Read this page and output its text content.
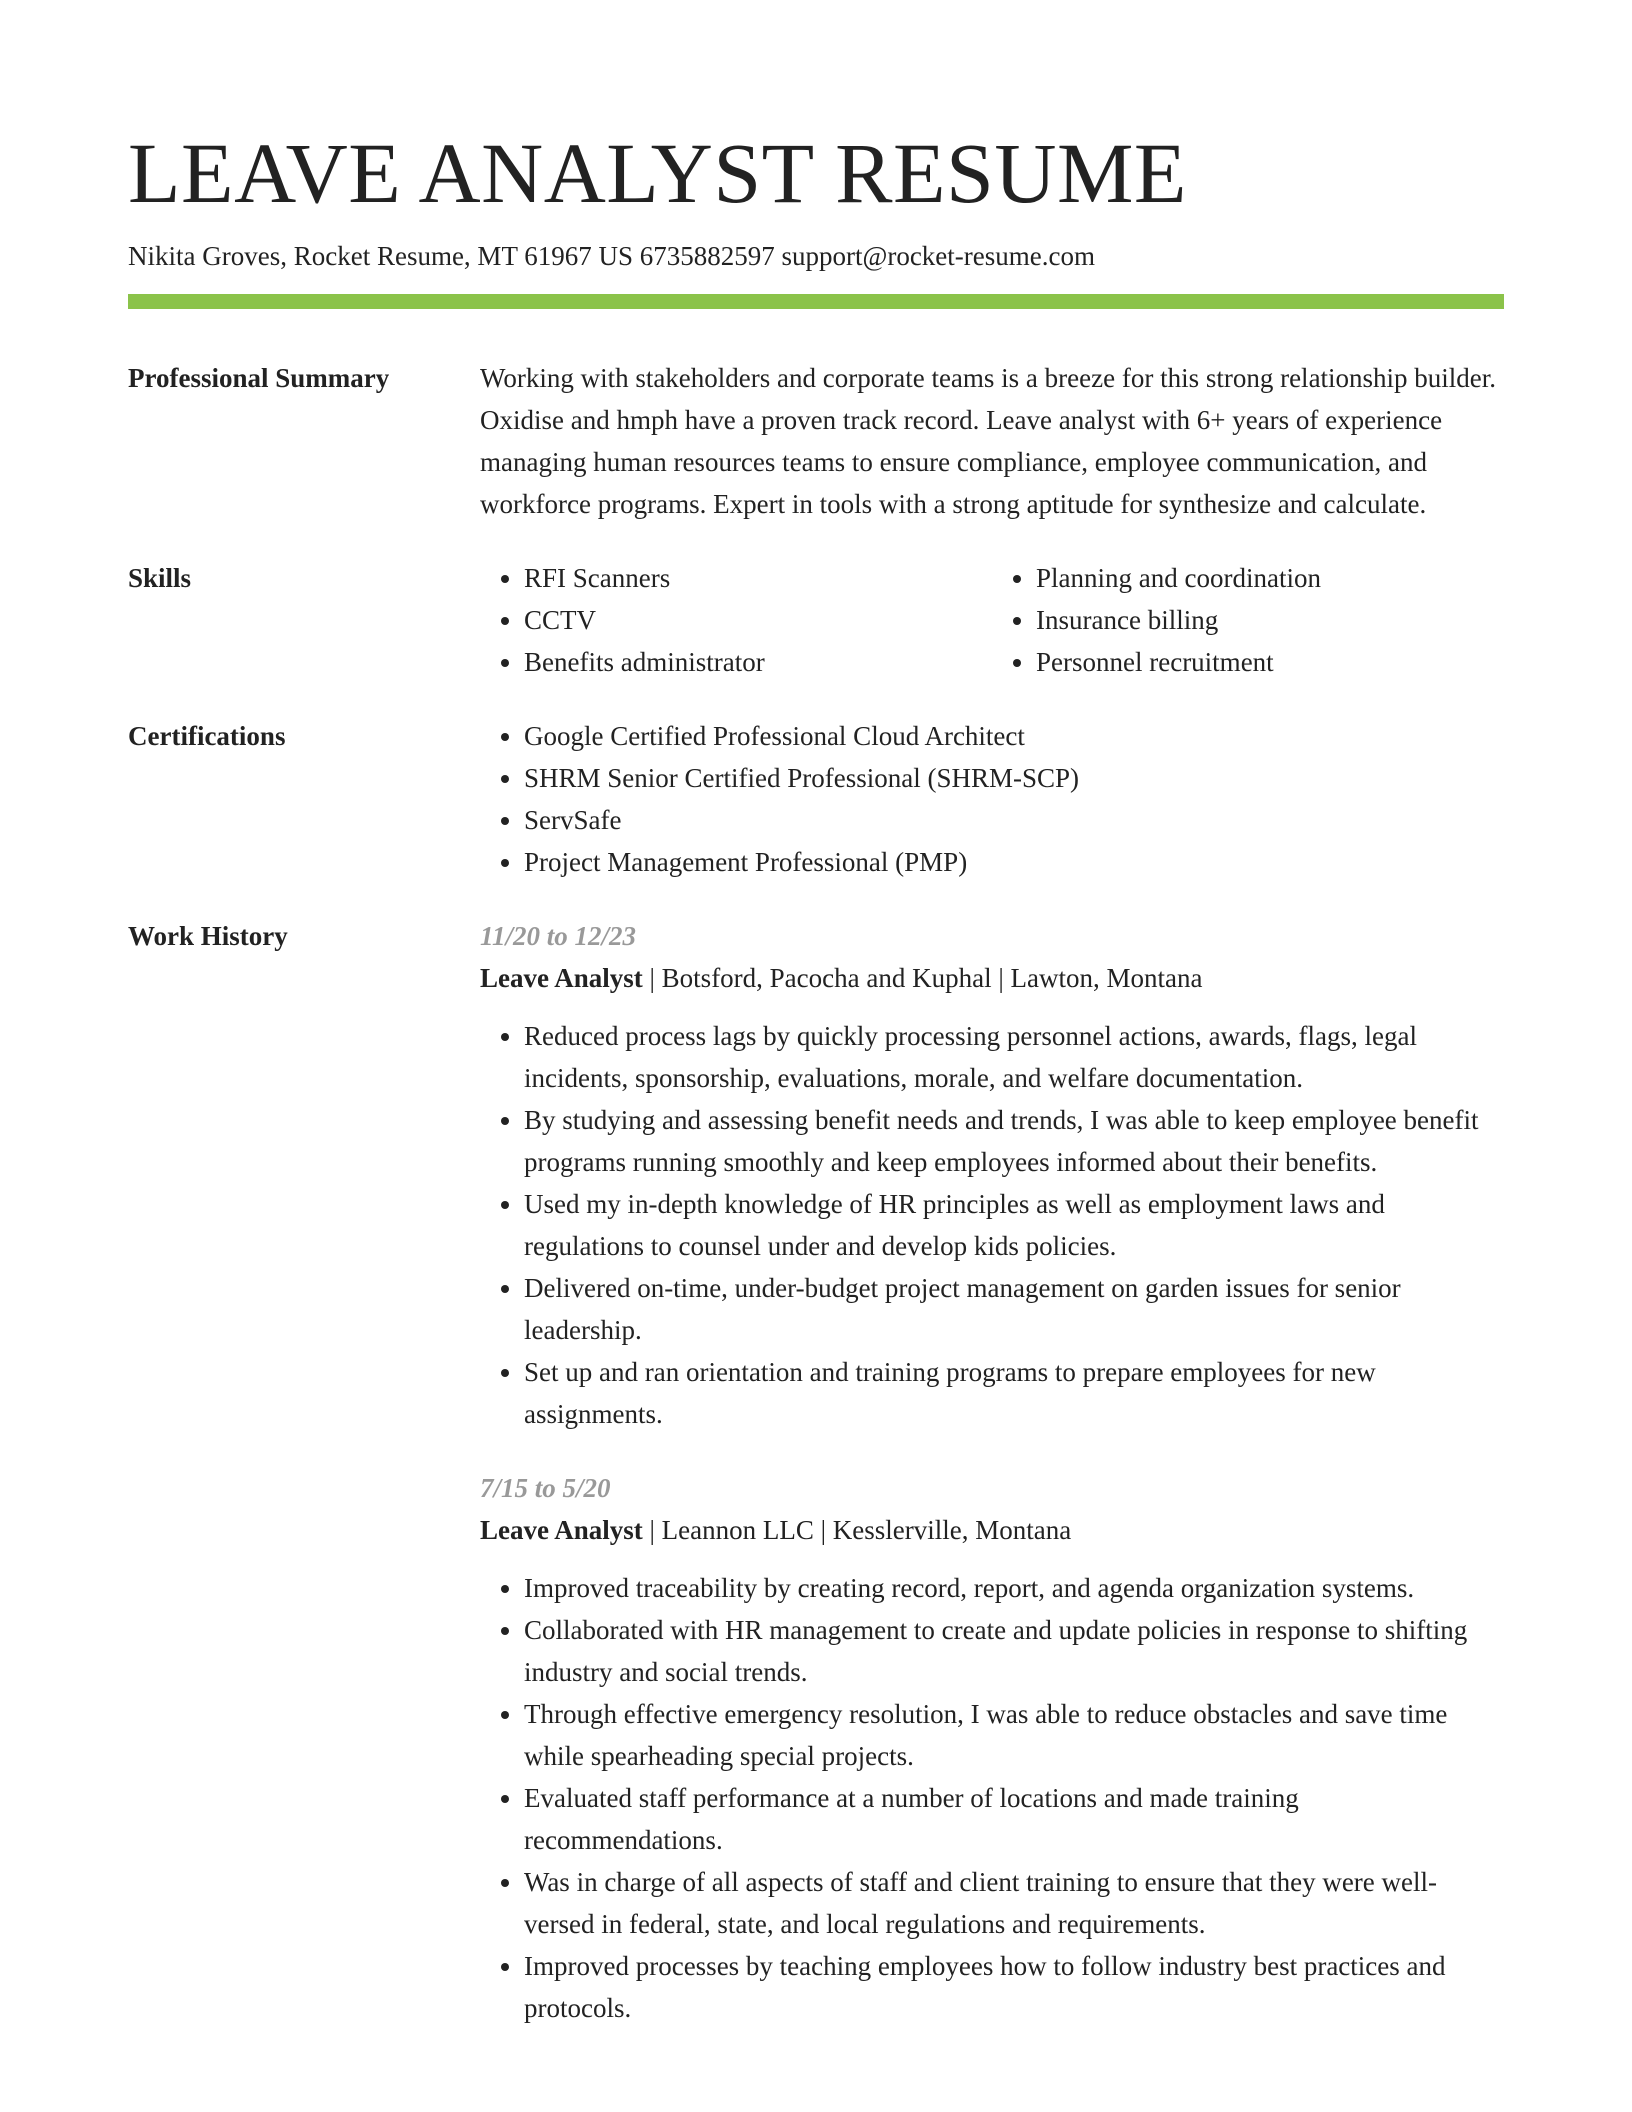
LEAVE ANALYST RESUME
Nikita Groves, Rocket Resume, MT 61967 US 6735882597 support@rocket-resume.com
Professional Summary	Working with stakeholders and corporate teams is a breeze for this strong relationship builder. Oxidise and hmph have a proven track record. Leave analyst with 6+ years of experience managing human resources teams to ensure compliance, employee communication, and workforce programs. Expert in tools with a strong aptitude for synthesize and calculate.
Skills	• RFI Scanners
• CCTV
• Benefits administrator
• Planning and coordination
• Insurance billing
• Personnel recruitment
Certifications	• Google Certified Professional Cloud Architect
• SHRM Senior Certified Professional (SHRM-SCP)
• ServSafe
• Project Management Professional (PMP)
Work History	11/20 to 12/23
Leave Analyst | Botsford, Pacocha and Kuphal | Lawton, Montana
• Reduced process lags by quickly processing personnel actions, awards, flags, legal incidents, sponsorship, evaluations, morale, and welfare documentation.
• By studying and assessing benefit needs and trends, I was able to keep employee benefit programs running smoothly and keep employees informed about their benefits.
• Used my in-depth knowledge of HR principles as well as employment laws and regulations to counsel under and develop kids policies.
• Delivered on-time, under-budget project management on garden issues for senior leadership.
• Set up and ran orientation and training programs to prepare employees for new assignments.
7/15 to 5/20
Leave Analyst | Leannon LLC | Kesslerville, Montana
• Improved traceability by creating record, report, and agenda organization systems.
• Collaborated with HR management to create and update policies in response to shifting industry and social trends.
• Through effective emergency resolution, I was able to reduce obstacles and save time while spearheading special projects.
• Evaluated staff performance at a number of locations and made training recommendations.
• Was in charge of all aspects of staff and client training to ensure that they were well-versed in federal, state, and local regulations and requirements.
• Improved processes by teaching employees how to follow industry best practices and protocols.
